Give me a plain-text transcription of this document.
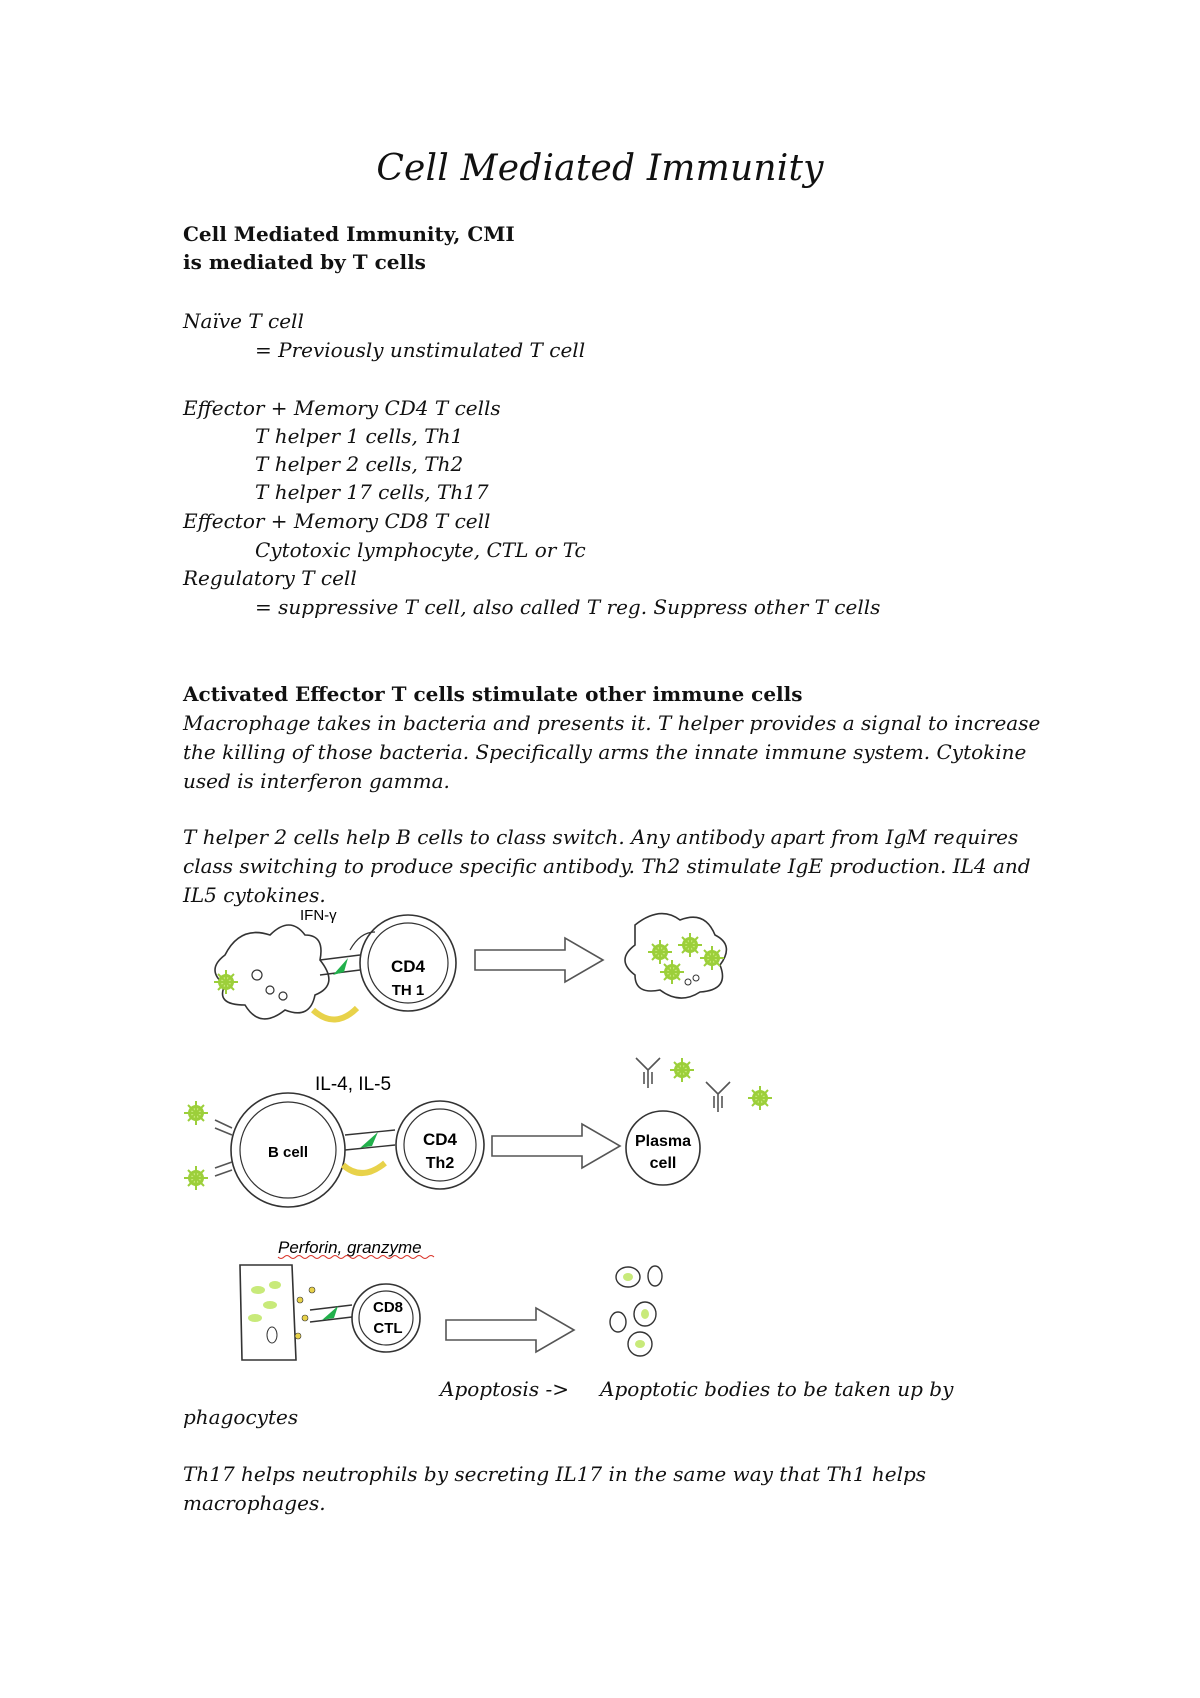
Cell Mediated Immunity
Cell Mediated Immunity, CMI
is mediated by T cells
Naïve T cell
= Previously unstimulated T cell
Effector + Memory CD4 T cells
T helper 1 cells, Th1
T helper 2 cells, Th2
T helper 17 cells, Th17
Effector + Memory CD8 T cell
Cytotoxic lymphocyte, CTL or Tc
Regulatory T cell
= suppressive T cell, also called T reg. Suppress other T cells
Activated Effector T cells stimulate other immune cells
Macrophage takes in bacteria and presents it. T helper provides a signal to increase
the killing of those bacteria. Specifically arms the innate immune system. Cytokine
used is interferon gamma.
T helper 2 cells help B cells to class switch. Any antibody apart from IgM requires
class switching to produce specific antibody. Th2 stimulate IgE production. IL4 and
IL5 cytokines.
CD4
TH 1
IFN-γ
IL-4, IL-5
B cell
CD4
Th2
Plasma
cell
Perforin, granzyme
CD8
CTL
Apoptosis -> Apoptotic bodies to be taken up by
phagocytes
Th17 helps neutrophils by secreting IL17 in the same way that Th1 helps
macrophages.
